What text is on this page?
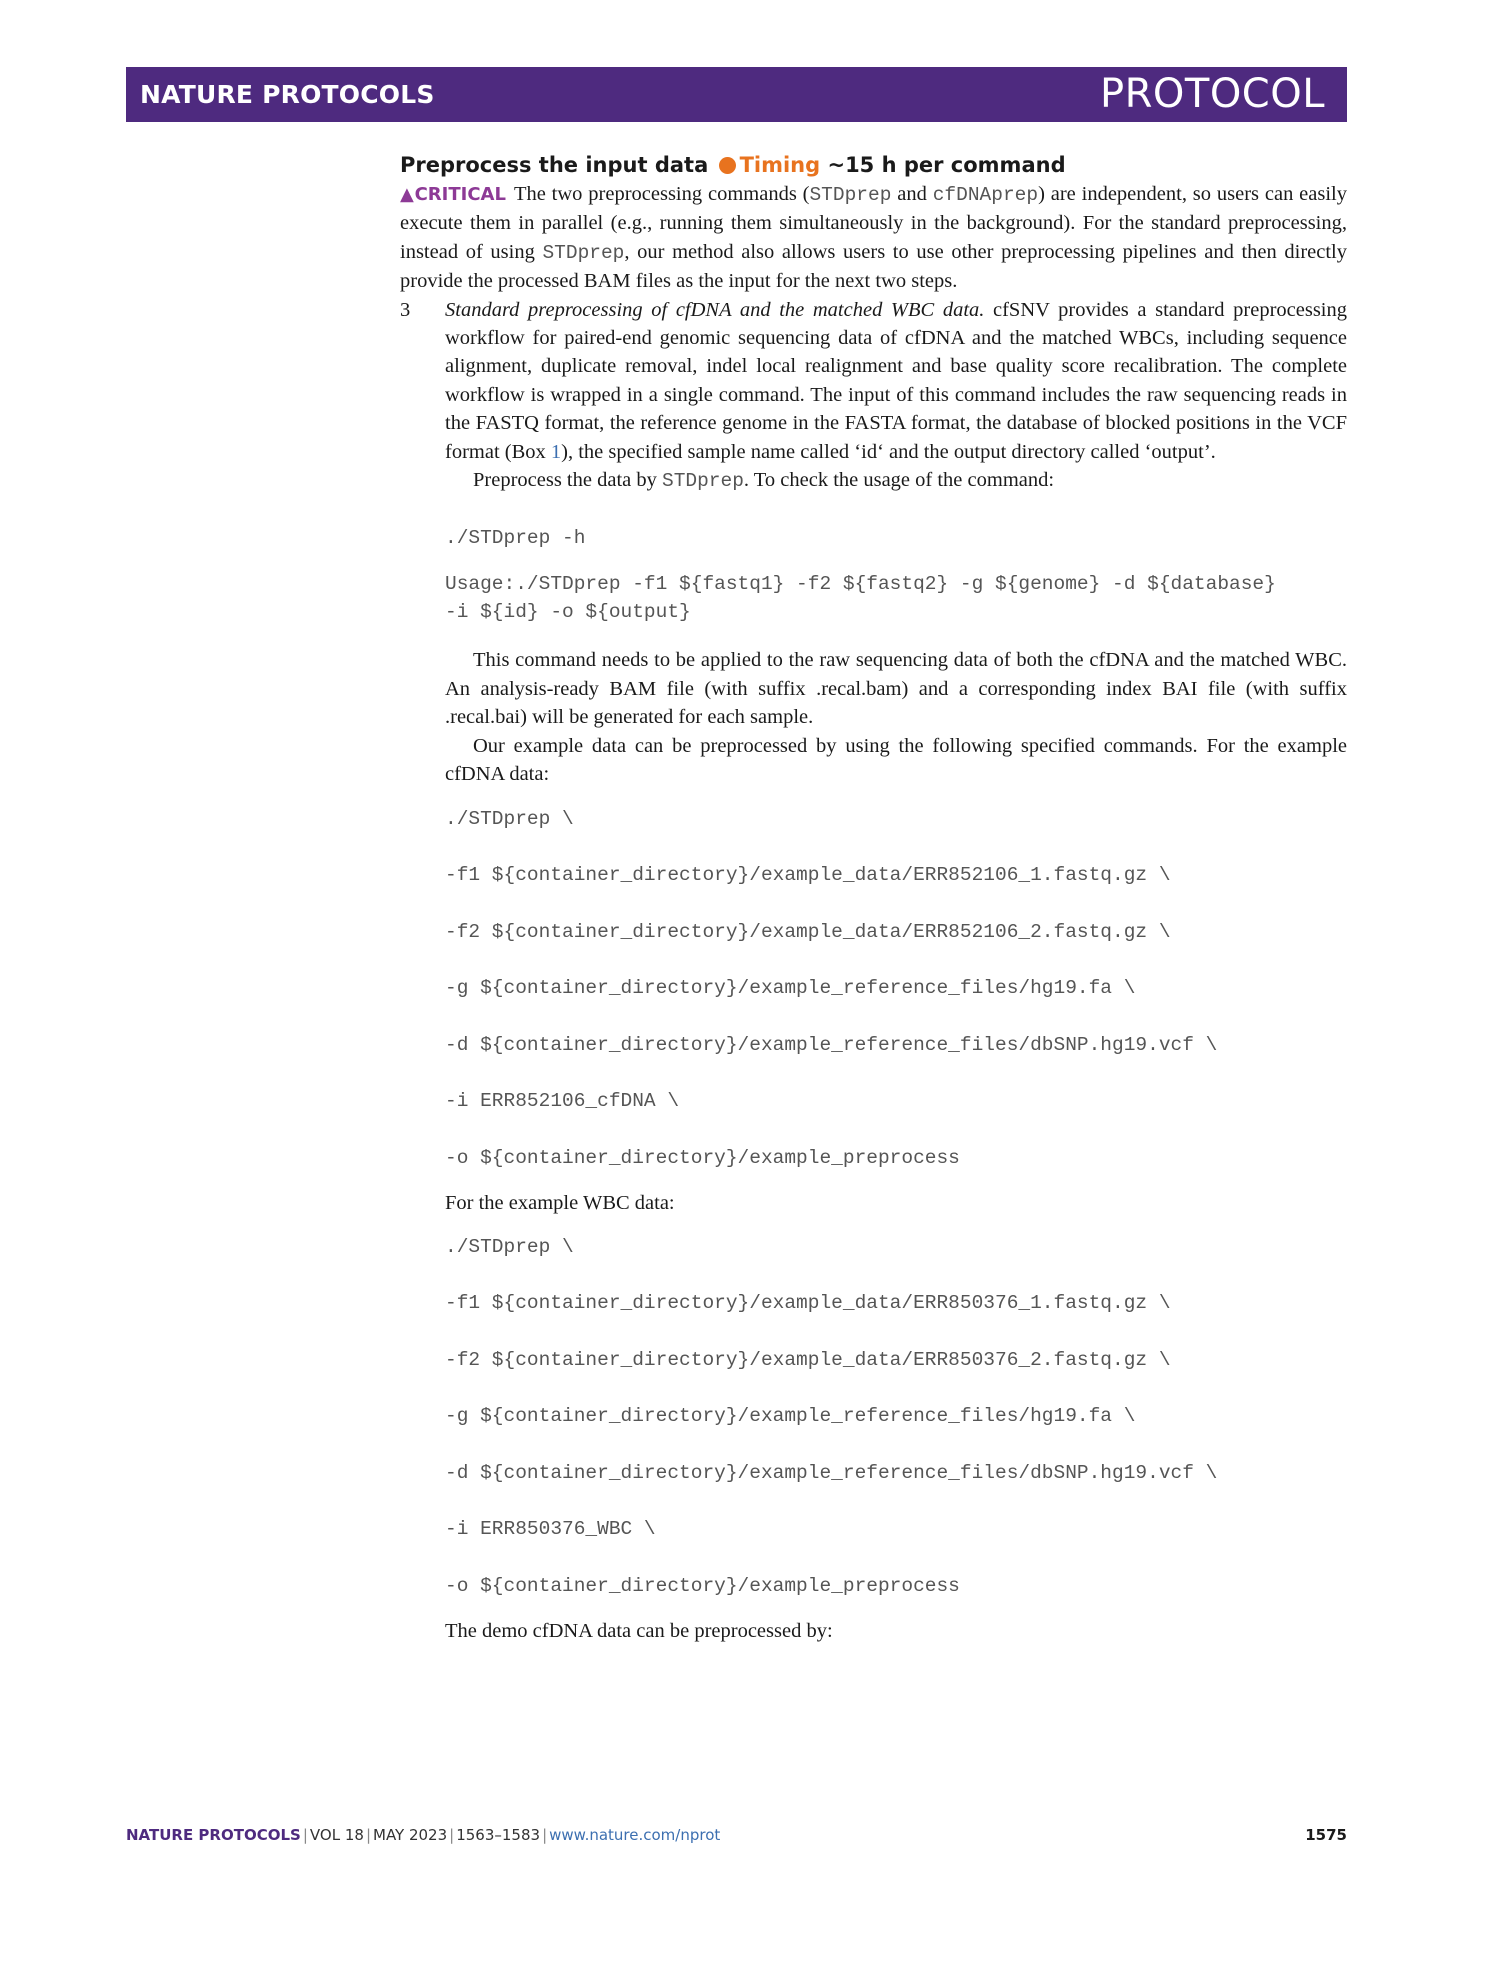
NATURE PROTOCOLS	PROTOCOL
Preprocess the input data Timing ~15 h per command

▲CRITICAL The two preprocessing commands (STDprep and cfDNAprep) are independent, so users can easily execute them in parallel (e.g., running them simultaneously in the background). For the standard preprocessing, instead of using STDprep, our method also allows users to use other preprocessing pipelines and then directly provide the processed BAM files as the input for the next two steps.

3 Standard preprocessing of cfDNA and the matched WBC data. cfSNV provides a standard preprocessing workflow for paired-end genomic sequencing data of cfDNA and the matched WBCs, including sequence alignment, duplicate removal, indel local realignment and base quality score recalibration. The complete workflow is wrapped in a single command. The input of this command includes the raw sequencing reads in the FASTQ format, the reference genome in the FASTA format, the database of blocked positions in the VCF format (Box 1), the specified sample name called ‘id‘ and the output directory called ‘output’.

Preprocess the data by STDprep. To check the usage of the command:

./STDprep -h

Usage:./STDprep -f1 ${fastq1} -f2 ${fastq2} -g ${genome} -d ${database}

-i ${id} -o ${output}

This command needs to be applied to the raw sequencing data of both the cfDNA and the matched WBC. An analysis-ready BAM file (with suffix .recal.bam) and a corresponding index BAI file (with suffix .recal.bai) will be generated for each sample.

Our example data can be preprocessed by using the following specified commands. For the example cfDNA data:

./STDprep \

-f1 ${container_directory}/example_data/ERR852106_1.fastq.gz \

-f2 ${container_directory}/example_data/ERR852106_2.fastq.gz \

-g ${container_directory}/example_reference_files/hg19.fa \

-d ${container_directory}/example_reference_files/dbSNP.hg19.vcf \

-i ERR852106_cfDNA \

-o ${container_directory}/example_preprocess

For the example WBC data:

./STDprep \

-f1 ${container_directory}/example_data/ERR850376_1.fastq.gz \

-f2 ${container_directory}/example_data/ERR850376_2.fastq.gz \

-g ${container_directory}/example_reference_files/hg19.fa \

-d ${container_directory}/example_reference_files/dbSNP.hg19.vcf \

-i ERR850376_WBC \

-o ${container_directory}/example_preprocess

The demo cfDNA data can be preprocessed by:

NATURE PROTOCOLS | VOL 18 | MAY 2023 | 1563–1583 | www.nature.com/nprot	1575
